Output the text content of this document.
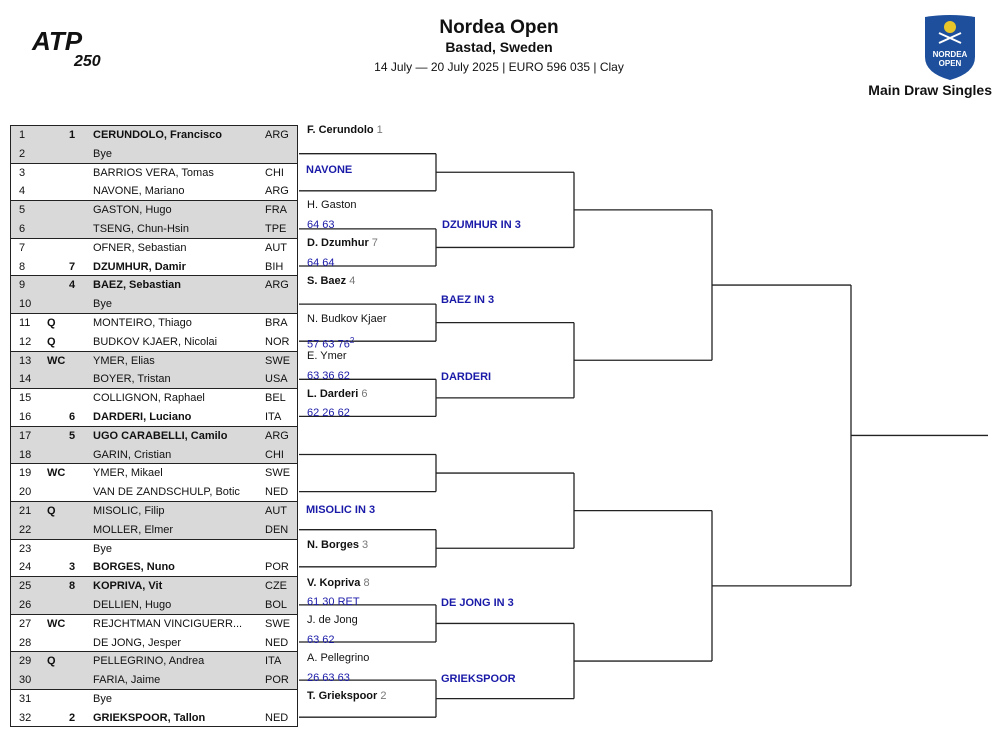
Nordea Open
Bastad, Sweden
14 July — 20 July 2025 | EURO 596 035 | Clay
ATP
250	NORDEA
OPEN
Main Draw Singles
1	1 CERUNDOLO, Francisco	ARG
2	Bye
3	BARRIOS VERA, Tomas	CHI
4	NAVONE, Mariano	ARG
5	GASTON, Hugo	FRA
6	TSENG, Chun-Hsin	TPE
7	OFNER, Sebastian	AUT
8	7 DZUMHUR, Damir	BIH
9	4 BAEZ, Sebastian	ARG
10	Bye
11 Q	MONTEIRO, Thiago	BRA
12 Q	BUDKOV KJAER, Nicolai	NOR
13 WC	YMER, Elias	SWE
14	BOYER, Tristan	USA
15	COLLIGNON, Raphael	BEL
16	6 DARDERI, Luciano	ITA
17	5 UGO CARABELLI, Camilo	ARG
18	GARIN, Cristian	CHI
19 WC	YMER, Mikael	SWE
20	VAN DE ZANDSCHULP, Botic	NED
21 Q	MISOLIC, Filip	AUT
22	MOLLER, Elmer	DEN
23	Bye
24	3 BORGES, Nuno	POR
25	8 KOPRIVA, Vit	CZE
26	DELLIEN, Hugo	BOL
27 WC	REJCHTMAN VINCIGUERR...	SWE
28	DE JONG, Jesper	NED
29 Q	PELLEGRINO, Andrea	ITA
30	FARIA, Jaime	POR
31	Bye
32	2 GRIEKSPOOR, Tallon	NED
F. Cerundolo 1
NAVONE
H. Gaston
64 63
D. Dzumhur 7
64 64
S. Baez 4
N. Budkov Kjaer
57 63 $76^2$
E. Ymer
63 36 62
L. Darderi 6
62 26 62
MISOLIC IN 3
N. Borges 3
V. Kopriva 8
61 30 RET
J. de Jong
63 62
A. Pellegrino
26 63 63
T. Griekspoor 2
DZUMHUR IN 3
BAEZ IN 3
DARDERI
DE JONG IN 3
GRIEKSPOOR
